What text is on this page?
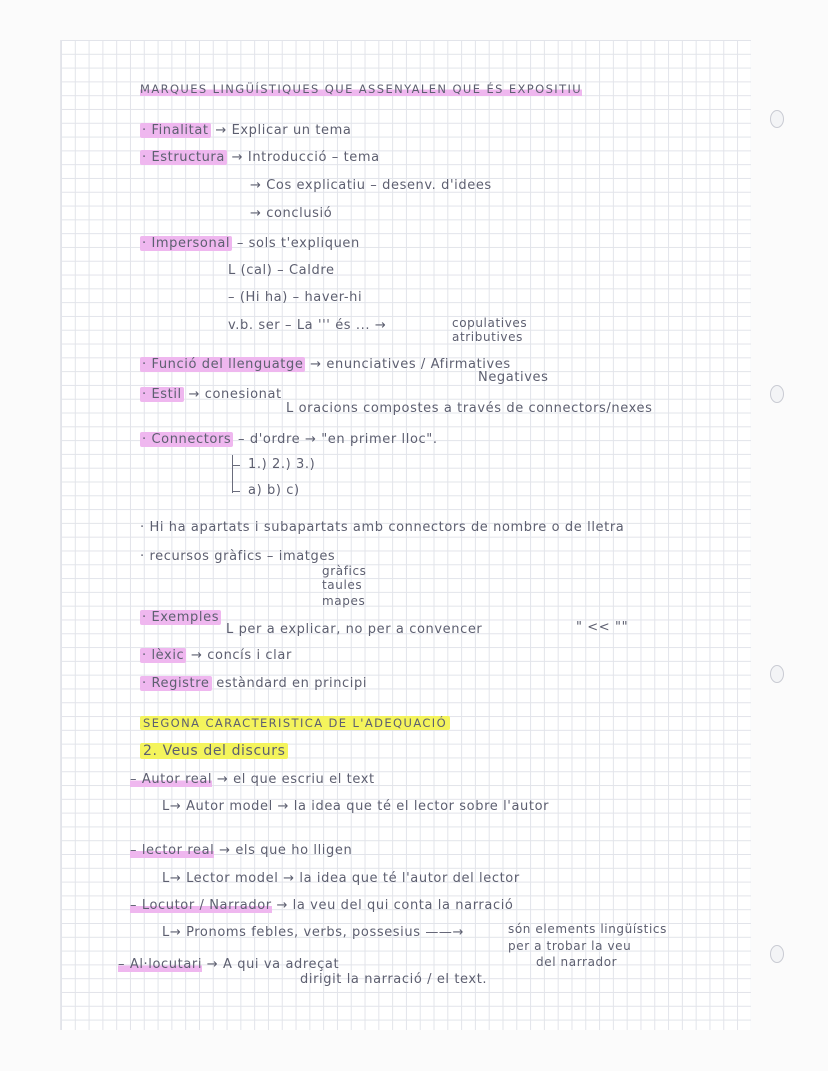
MARQUES LINGÜÍSTIQUES QUE ASSENYALEN QUE ÉS EXPOSITIU
· Finalitat → Explicar un tema
· Estructura → Introducció – tema
→ Cos explicatiu – desenv. d'idees
→ conclusió
· Impersonal – sols t'expliquen
L (cal) – Caldre
– (Hi ha) – haver-hi
v.b. ser – La ''' és ... →	copulatives
atributives
· Funció del llenguatge → enunciatives / Afirmatives
Negatives
· Estil → conesionat
L oracions compostes a través de connectors/nexes
· Connectors – d'ordre → "en primer lloc".
1.) 2.) 3.)
a) b) c)
· Hi ha apartats i subapartats amb connectors de nombre o de lletra
· recursos gràfics – imatges
gràfics
taules
mapes
· Exemples
L per a explicar, no per a convencer	" << ""
· lèxic → concís i clar
· Registre estàndard en principi
SEGONA CARACTERISTICA DE L'ADEQUACIÓ
2. Veus del discurs
– Autor real → el que escriu el text
L→ Autor model → la idea que té el lector sobre l'autor
– lector real → els que ho lligen
L→ Lector model → la idea que té l'autor del lector
– Locutor / Narrador → la veu del qui conta la narració
L→ Pronoms febles, verbs, possesius ——→	són elements lingüístics
per a trobar la veu
del narrador
– Al·locutari → A qui va adreçat
dirigit la narració / el text.
